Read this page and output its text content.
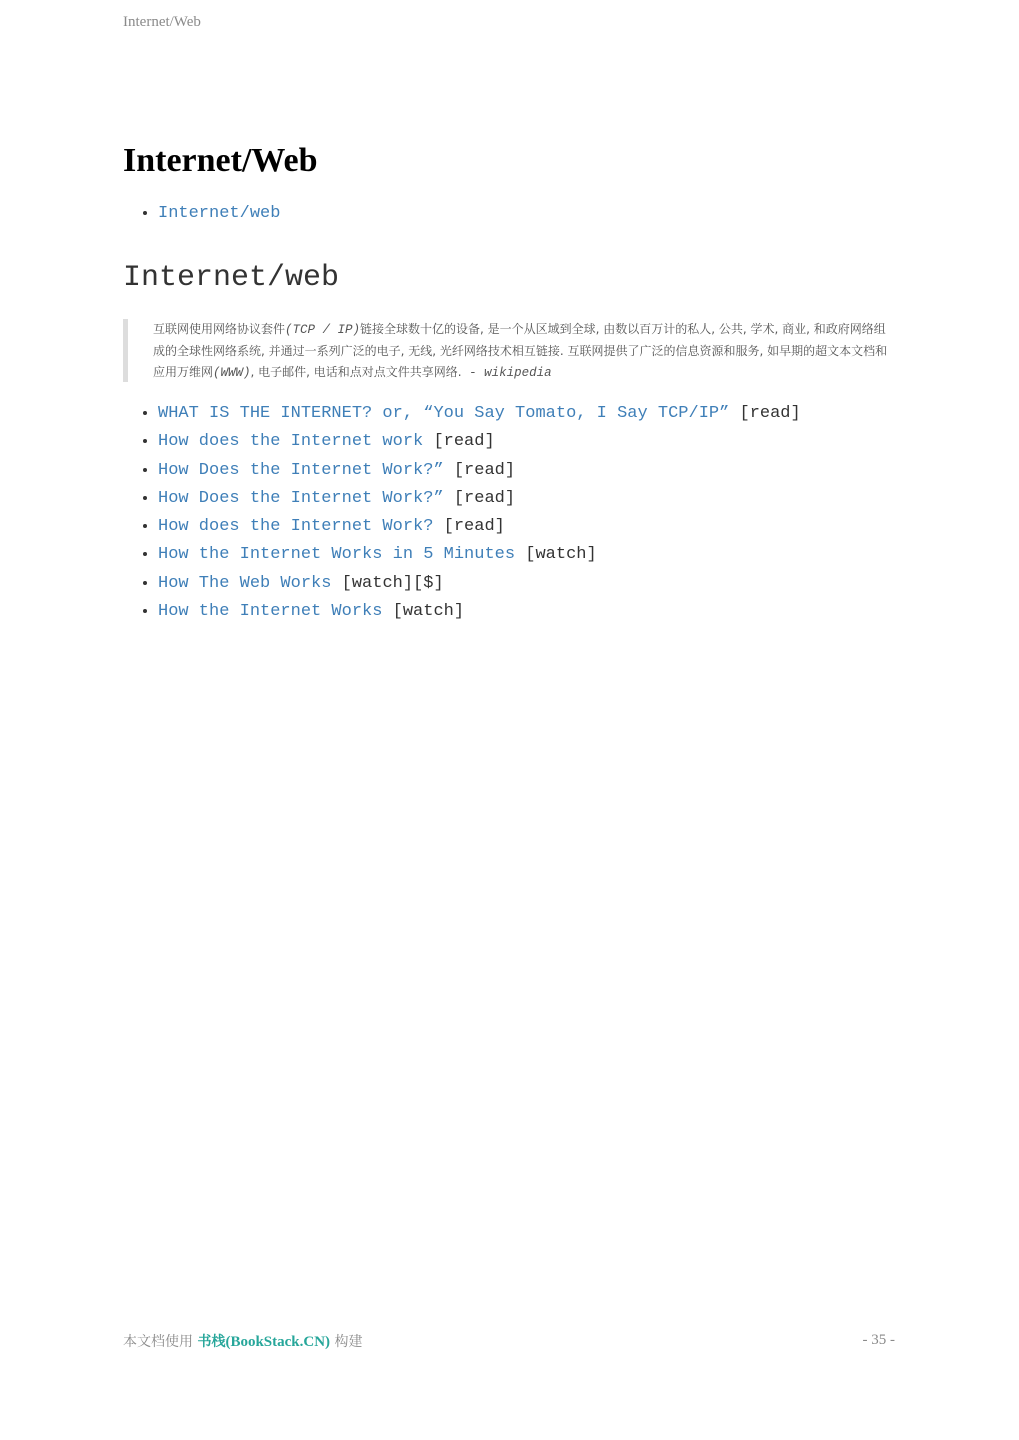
Internet/Web
Internet/Web
• Internet/web
Internet/web
互联网使用网络协议套件(TCP / IP)链接全球数十亿的设备, 是一个从区域到全球, 由数以百万计的私人, 公共, 学术, 商业, 和政府网络组成的全球性网络系统, 并通过一系列广泛的电子, 无线, 光纤网络技术相互链接. 互联网提供了广泛的信息资源和服务, 如早期的超文本文档和应用万维网(WWW), 电子邮件, 电话和点对点文件共享网络. - wikipedia
• WHAT IS THE INTERNET? or, “You Say Tomato, I Say TCP/IP” [read]
• How does the Internet work [read]
• How Does the Internet Work?” [read]
• How Does the Internet Work?” [read]
• How does the Internet Work? [read]
• How the Internet Works in 5 Minutes [watch]
• How The Web Works [watch][$]
• How the Internet Works [watch]
本文档使用 书栈(BookStack.CN) 构建	- 35 -
